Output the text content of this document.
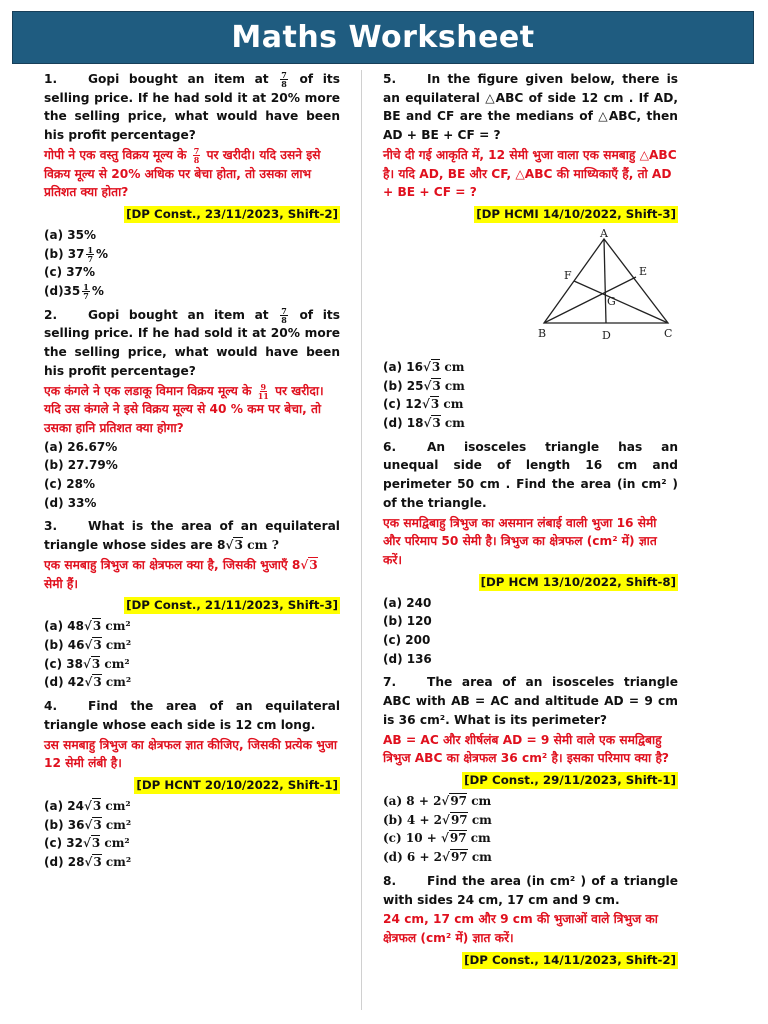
Maths Worksheet
1.	Gopi bought an item at $\frac{7}{8}$ of its selling price. If he had sold it at 20% more the selling price, what would have been his profit percentage?
गोपी ने एक वस्तु विक्रय मूल्य के $\frac{7}{8}$ पर खरीदी। यदि उसने इसे विक्रय मूल्य से 20% अधिक पर बेचा होता, तो उसका लाभ प्रतिशत क्या होता?
[DP Const., 23/11/2023, Shift-2]
(a) 35%
(b) $37 \frac{1}{7}$ %
(c) 37%
$(d)35 \frac{1}{7}$ %
2.	Gopi bought an item at $\frac{7}{8}$ of its selling price. If he had sold it at 20% more the selling price, what would have been his profit percentage?
एक कंगले ने एक लडाकू विमान विक्रय मूल्य के $\frac{9}{11}$ पर खरीदा। यदि उस कंगले ने इसे विक्रय मूल्य से 40 % कम पर बेचा, तो उसका हानि प्रतिशत क्या होगा?
(a) 26.67%
(b) 27.79%
(c) 28%
(d) 33%
3.	What is the area of an equilateral triangle whose sides are 8√3 cm ?
एक समबाहु त्रिभुज का क्षेत्रफल क्या है, जिसकी भुजाएँ 8√3 सेमी हैं।
[DP Const., 21/11/2023, Shift-3]
(a) 48√3 cm²
(b) 46√3 cm²
(c) 38√3 cm²
(d) 42√3 cm²
4.	Find the area of an equilateral triangle whose each side is 12 cm long.
उस समबाहु त्रिभुज का क्षेत्रफल ज्ञात कीजिए, जिसकी प्रत्येक भुजा 12 सेमी लंबी है।
[DP HCNT 20/10/2022, Shift-1]
(a) 24√3 cm²
(b) 36√3 cm²
(c) 32√3 cm²
(d) 28√3 cm²
5.	In the figure given below, there is an equilateral △ABC of side 12 cm . If AD, BE and CF are the medians of △ABC, then AD + BE + CF = ?
नीचे दी गई आकृति में, 12 सेमी भुजा वाला एक समबाहु △ABC है। यदि AD, BE और CF, △ABC की माध्यिकाएँ हैं, तो AD + BE + CF = ?
[DP HCMI 14/10/2022, Shift-3]
A
B	C
D
E
F
G
(a) 16√3 cm
(b) 25√3 cm
(c) 12√3 cm
(d) 18√3 cm
6.	An isosceles triangle has an unequal side of length 16 cm and perimeter 50 cm . Find the area (in cm² ) of the triangle.
एक समद्विबाहु त्रिभुज का असमान लंबाई वाली भुजा 16 सेमी और परिमाप 50 सेमी है। त्रिभुज का क्षेत्रफल (cm² में) ज्ञात करें।
[DP HCM 13/10/2022, Shift-8]
(a) 240
(b) 120
(c) 200
(d) 136
7.	The area of an isosceles triangle ABC with AB = AC and altitude AD = 9 cm is 36 cm². What is its perimeter?
AB = AC और शीर्षलंब AD = 9 सेमी वाले एक समद्विबाहु त्रिभुज ABC का क्षेत्रफल 36 cm² है। इसका परिमाप क्या है?
[DP Const., 29/11/2023, Shift-1]
(a) 8 + 2√97 cm
(b) 4 + 2√97 cm
(c) 10 + √97 cm
(d) 6 + 2√97 cm
8.	Find the area (in cm² ) of a triangle with sides 24 cm, 17 cm and 9 cm.
24 cm, 17 cm और 9 cm की भुजाओं वाले त्रिभुज का क्षेत्रफल (cm² में) ज्ञात करें।
[DP Const., 14/11/2023, Shift-2]
